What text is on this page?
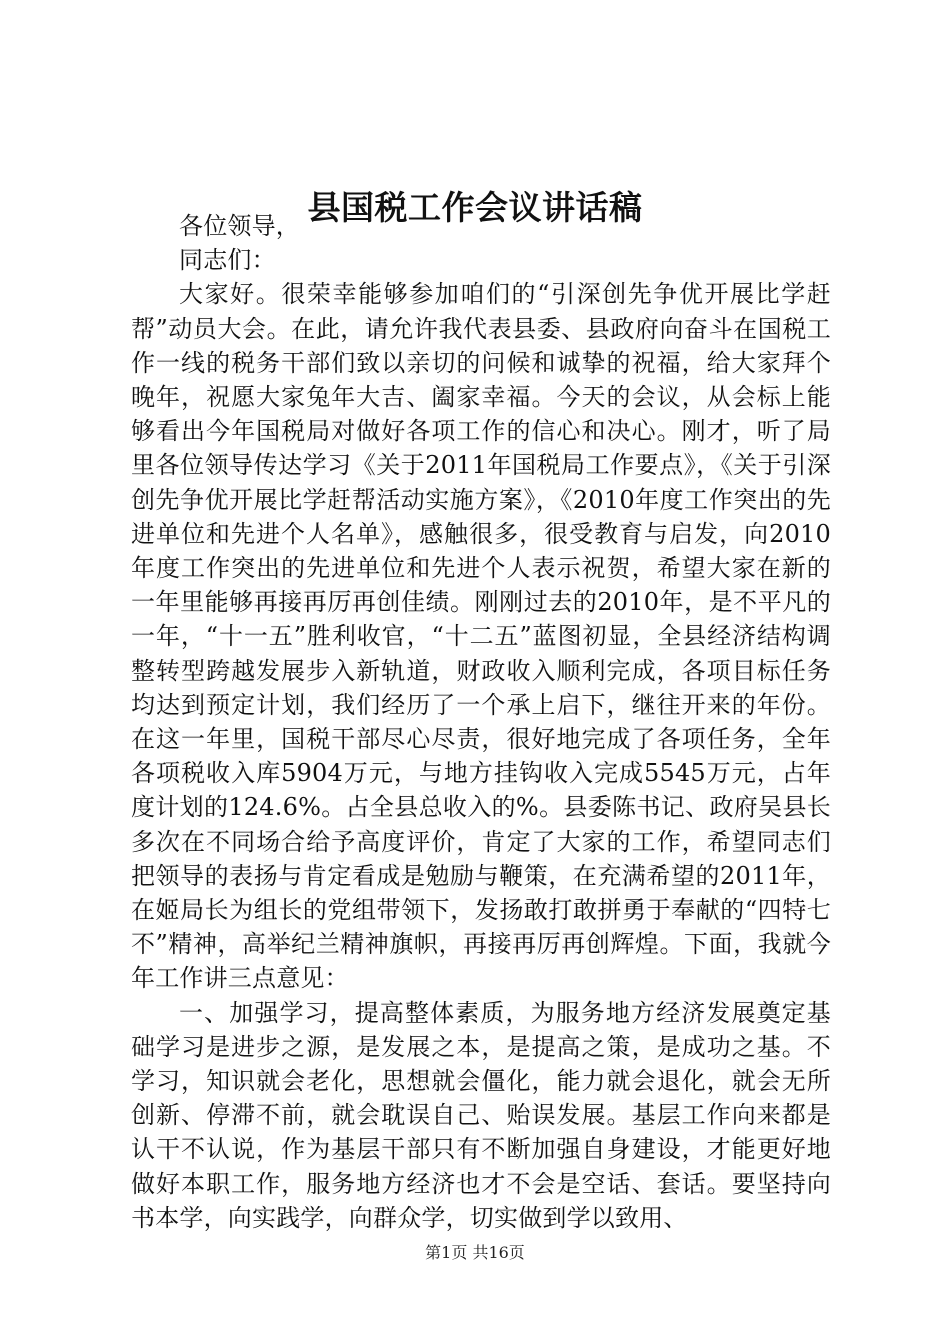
县国税工作会议讲话稿

各位领导，

同志们：

大家好。很荣幸能够参加咱们的“引深创先争优开展比学赶帮”动员大会。在此，请允许我代表县委、县政府向奋斗在国税工作一线的税务干部们致以亲切的问候和诚挚的祝福，给大家拜个晚年，祝愿大家兔年大吉、阖家幸福。今天的会议，从会标上能够看出今年国税局对做好各项工作的信心和决心。刚才，听了局里各位领导传达学习《关于2011年国税局工作要点》，《关于引深创先争优开展比学赶帮活动实施方案》，《2010年度工作突出的先进单位和先进个人名单》，感触很多，很受教育与启发，向2010年度工作突出的先进单位和先进个人表示祝贺，希望大家在新的一年里能够再接再厉再创佳绩。刚刚过去的2010年，是不平凡的一年，“十一五”胜利收官，“十二五”蓝图初显，全县经济结构调整转型跨越发展步入新轨道，财政收入顺利完成，各项目标任务均达到预定计划，我们经历了一个承上启下，继往开来的年份。在这一年里，国税干部尽心尽责，很好地完成了各项任务，全年各项税收入库5904万元，与地方挂钩收入完成5545万元，占年度计划的124.6%。占全县总收入的%。县委陈书记、政府吴县长多次在不同场合给予高度评价，肯定了大家的工作，希望同志们把领导的表扬与肯定看成是勉励与鞭策，在充满希望的2011年，在姬局长为组长的党组带领下，发扬敢打敢拼勇于奉献的“四特七不”精神，高举纪兰精神旗帜，再接再厉再创辉煌。下面，我就今年工作讲三点意见：

一、加强学习，提高整体素质，为服务地方经济发展奠定基础学习是进步之源，是发展之本，是提高之策，是成功之基。不学习，知识就会老化，思想就会僵化，能力就会退化，就会无所创新、停滞不前，就会耽误自己、贻误发展。基层工作向来都是认干不认说，作为基层干部只有不断加强自身建设，才能更好地做好本职工作，服务地方经济也才不会是空话、套话。要坚持向书本学，向实践学，向群众学，切实做到学以致用、

第1页 共16页
